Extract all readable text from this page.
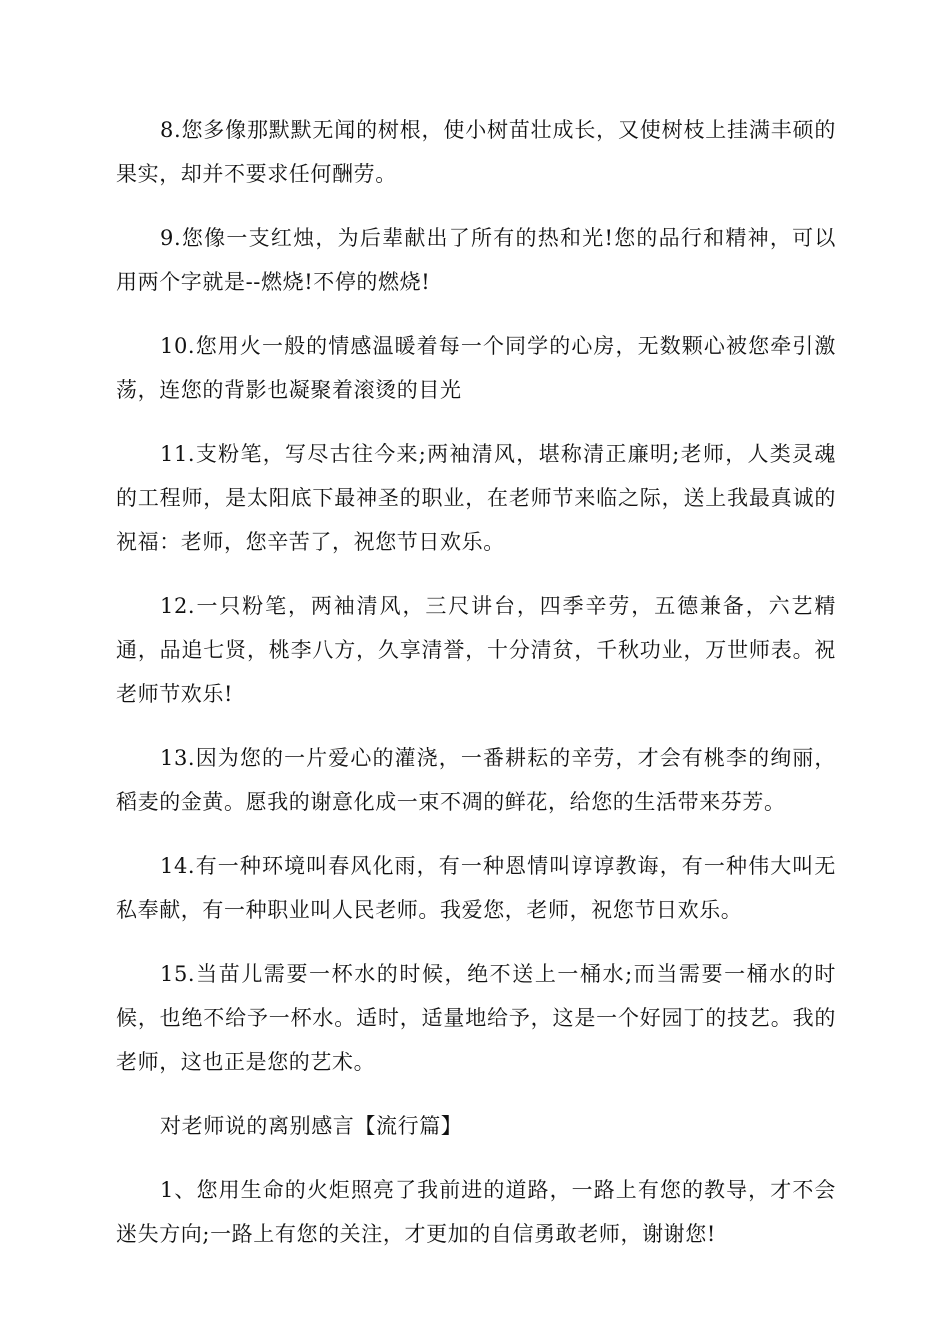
8.您多像那默默无闻的树根，使小树苗壮成长，又使树枝上挂满丰硕的果实，却并不要求任何酬劳。

9.您像一支红烛，为后辈献出了所有的热和光!您的品行和精神，可以用两个字就是--燃烧!不停的燃烧!

10.您用火一般的情感温暖着每一个同学的心房，无数颗心被您牵引激荡，连您的背影也凝聚着滚烫的目光

11.支粉笔，写尽古往今来;两袖清风，堪称清正廉明;老师，人类灵魂的工程师，是太阳底下最神圣的职业，在老师节来临之际，送上我最真诚的祝福：老师，您辛苦了，祝您节日欢乐。

12.一只粉笔，两袖清风，三尺讲台，四季辛劳，五德兼备，六艺精通，品追七贤，桃李八方，久享清誉，十分清贫，千秋功业，万世师表。祝老师节欢乐!

13.因为您的一片爱心的灌浇，一番耕耘的辛劳，才会有桃李的绚丽，稻麦的金黄。愿我的谢意化成一束不凋的鲜花，给您的生活带来芬芳。

14.有一种环境叫春风化雨，有一种恩情叫谆谆教诲，有一种伟大叫无私奉献，有一种职业叫人民老师。我爱您，老师，祝您节日欢乐。

15.当苗儿需要一杯水的时候，绝不送上一桶水;而当需要一桶水的时候，也绝不给予一杯水。适时，适量地给予，这是一个好园丁的技艺。我的老师，这也正是您的艺术。

对老师说的离别感言【流行篇】

1、您用生命的火炬照亮了我前进的道路，一路上有您的教导，才不会迷失方向;一路上有您的关注，才更加的自信勇敢老师，谢谢您!
